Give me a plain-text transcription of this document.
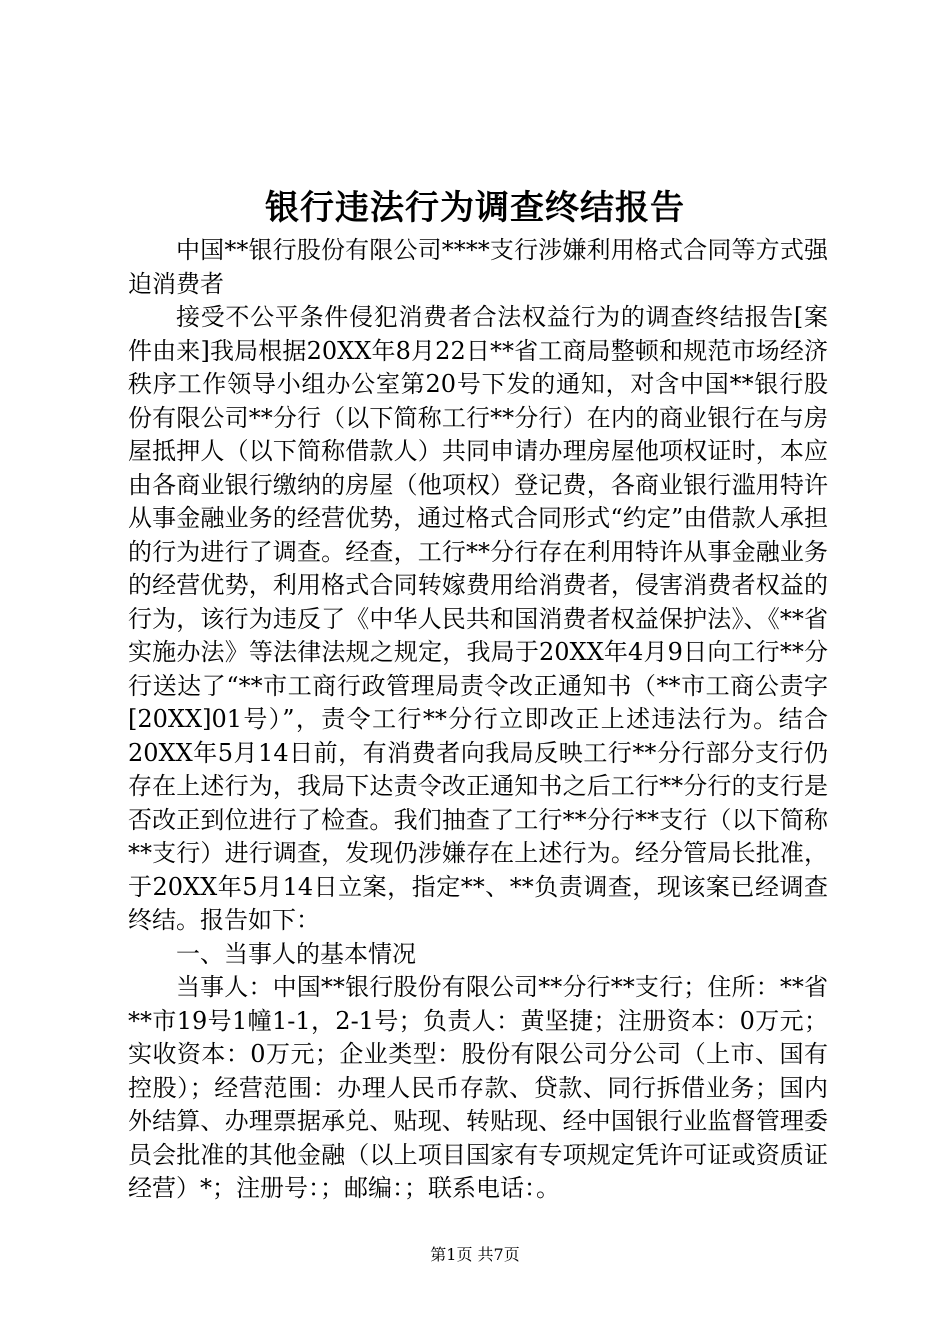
银行违法行为调查终结报告

中国**银行股份有限公司****支行涉嫌利用格式合同等方式强迫消费者

接受不公平条件侵犯消费者合法权益行为的调查终结报告[案件由来]我局根据20XX年8月22日**省工商局整顿和规范市场经济秩序工作领导小组办公室第20号下发的通知，对含中国**银行股份有限公司**分行（以下简称工行**分行）在内的商业银行在与房屋抵押人（以下简称借款人）共同申请办理房屋他项权证时，本应由各商业银行缴纳的房屋（他项权）登记费，各商业银行滥用特许从事金融业务的经营优势，通过格式合同形式“约定”由借款人承担的行为进行了调查。经查，工行**分行存在利用特许从事金融业务的经营优势，利用格式合同转嫁费用给消费者，侵害消费者权益的行为，该行为违反了《中华人民共和国消费者权益保护法》、《**省实施办法》等法律法规之规定，我局于20XX年4月9日向工行**分行送达了“**市工商行政管理局责令改正通知书（**市工商公责字[20XX]01号）”，责令工行**分行立即改正上述违法行为。结合20XX年5月14日前，有消费者向我局反映工行**分行部分支行仍存在上述行为，我局下达责令改正通知书之后工行**分行的支行是否改正到位进行了检查。我们抽查了工行**分行**支行（以下简称**支行）进行调查，发现仍涉嫌存在上述行为。经分管局长批准，于20XX年5月14日立案，指定**、**负责调查，现该案已经调查终结。报告如下：

一、当事人的基本情况

当事人：中国**银行股份有限公司**分行**支行；住所：**省**市19号1幢1-1，2-1号；负责人：黄坚捷；注册资本：0万元；实收资本：0万元；企业类型：股份有限公司分公司（上市、国有控股）；经营范围：办理人民币存款、贷款、同行拆借业务；国内外结算、办理票据承兑、贴现、转贴现、经中国银行业监督管理委员会批准的其他金融（以上项目国家有专项规定凭许可证或资质证经营）*；注册号：；邮编：；联系电话：。

第1页 共7页
